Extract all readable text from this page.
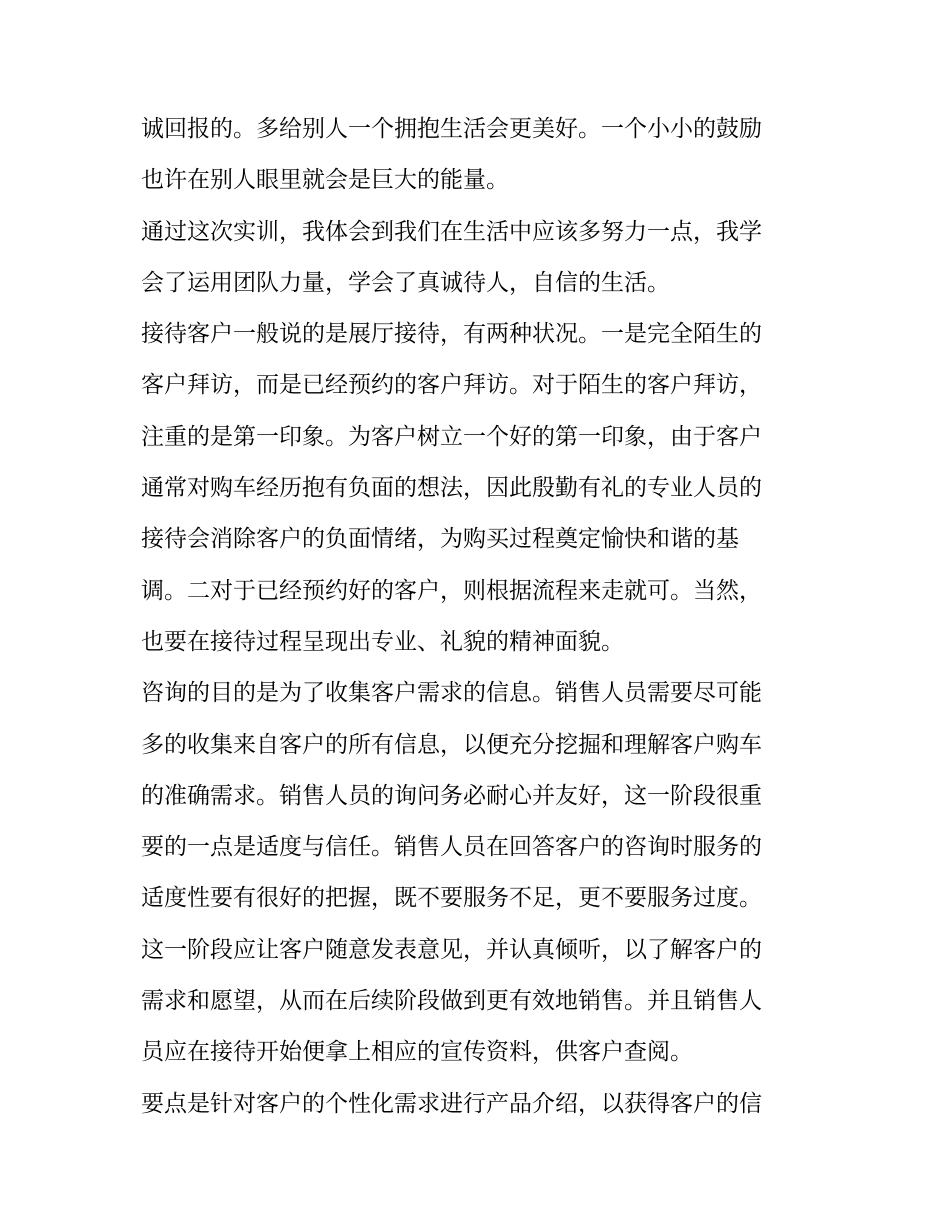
诚回报的。多给别人一个拥抱生活会更美好。一个小小的鼓励
也许在别人眼里就会是巨大的能量。
通过这次实训，我体会到我们在生活中应该多努力一点，我学
会了运用团队力量，学会了真诚待人，自信的生活。
接待客户一般说的是展厅接待，有两种状况。一是完全陌生的
客户拜访，而是已经预约的客户拜访。对于陌生的客户拜访，
注重的是第一印象。为客户树立一个好的第一印象，由于客户
通常对购车经历抱有负面的想法，因此殷勤有礼的专业人员的
接待会消除客户的负面情绪，为购买过程奠定愉快和谐的基
调。二对于已经预约好的客户，则根据流程来走就可。当然，
也要在接待过程呈现出专业、礼貌的精神面貌。
咨询的目的是为了收集客户需求的信息。销售人员需要尽可能
多的收集来自客户的所有信息，以便充分挖掘和理解客户购车
的准确需求。销售人员的询问务必耐心并友好，这一阶段很重
要的一点是适度与信任。销售人员在回答客户的咨询时服务的
适度性要有很好的把握，既不要服务不足，更不要服务过度。
这一阶段应让客户随意发表意见，并认真倾听，以了解客户的
需求和愿望，从而在后续阶段做到更有效地销售。并且销售人
员应在接待开始便拿上相应的宣传资料，供客户查阅。
要点是针对客户的个性化需求进行产品介绍，以获得客户的信
